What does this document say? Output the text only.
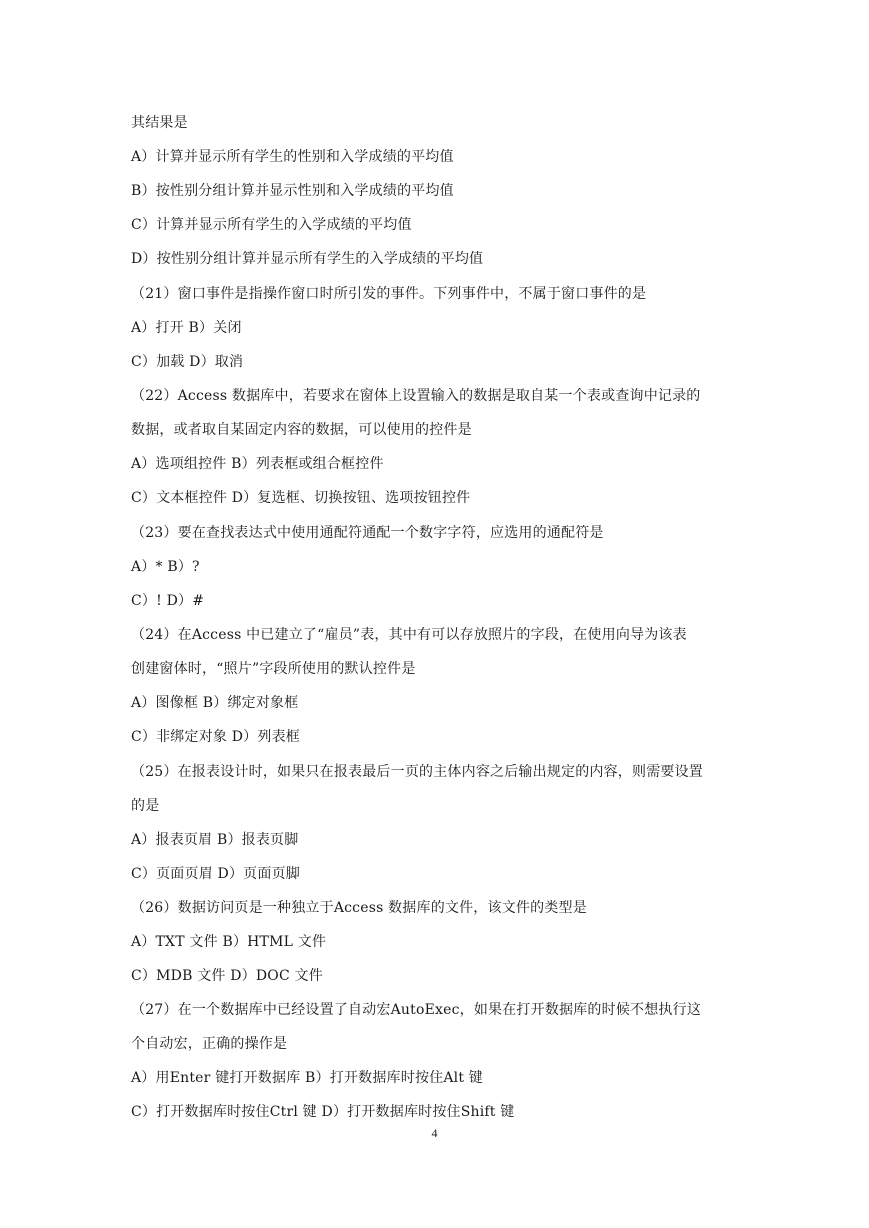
其结果是
A）计算并显示所有学生的性别和入学成绩的平均值
B）按性别分组计算并显示性别和入学成绩的平均值
C）计算并显示所有学生的入学成绩的平均值
D）按性别分组计算并显示所有学生的入学成绩的平均值
（21）窗口事件是指操作窗口时所引发的事件。下列事件中，不属于窗口事件的是
A）打开 B）关闭
C）加载 D）取消
（22）Access 数据库中，若要求在窗体上设置输入的数据是取自某一个表或查询中记录的
数据，或者取自某固定内容的数据，可以使用的控件是
A）选项组控件 B）列表框或组合框控件
C）文本框控件 D）复选框、切换按钮、选项按钮控件
（23）要在查找表达式中使用通配符通配一个数字字符，应选用的通配符是
A）* B）?
C）! D）#
（24）在Access 中已建立了“雇员”表，其中有可以存放照片的字段，在使用向导为该表
创建窗体时，“照片”字段所使用的默认控件是
A）图像框 B）绑定对象框
C）非绑定对象 D）列表框
（25）在报表设计时，如果只在报表最后一页的主体内容之后输出规定的内容，则需要设置
的是
A）报表页眉 B）报表页脚
C）页面页眉 D）页面页脚
（26）数据访问页是一种独立于Access 数据库的文件，该文件的类型是
A）TXT 文件 B）HTML 文件
C）MDB 文件 D）DOC 文件
（27）在一个数据库中已经设置了自动宏AutoExec，如果在打开数据库的时候不想执行这
个自动宏，正确的操作是
A）用Enter 键打开数据库 B）打开数据库时按住Alt 键
C）打开数据库时按住Ctrl 键 D）打开数据库时按住Shift 键
4
